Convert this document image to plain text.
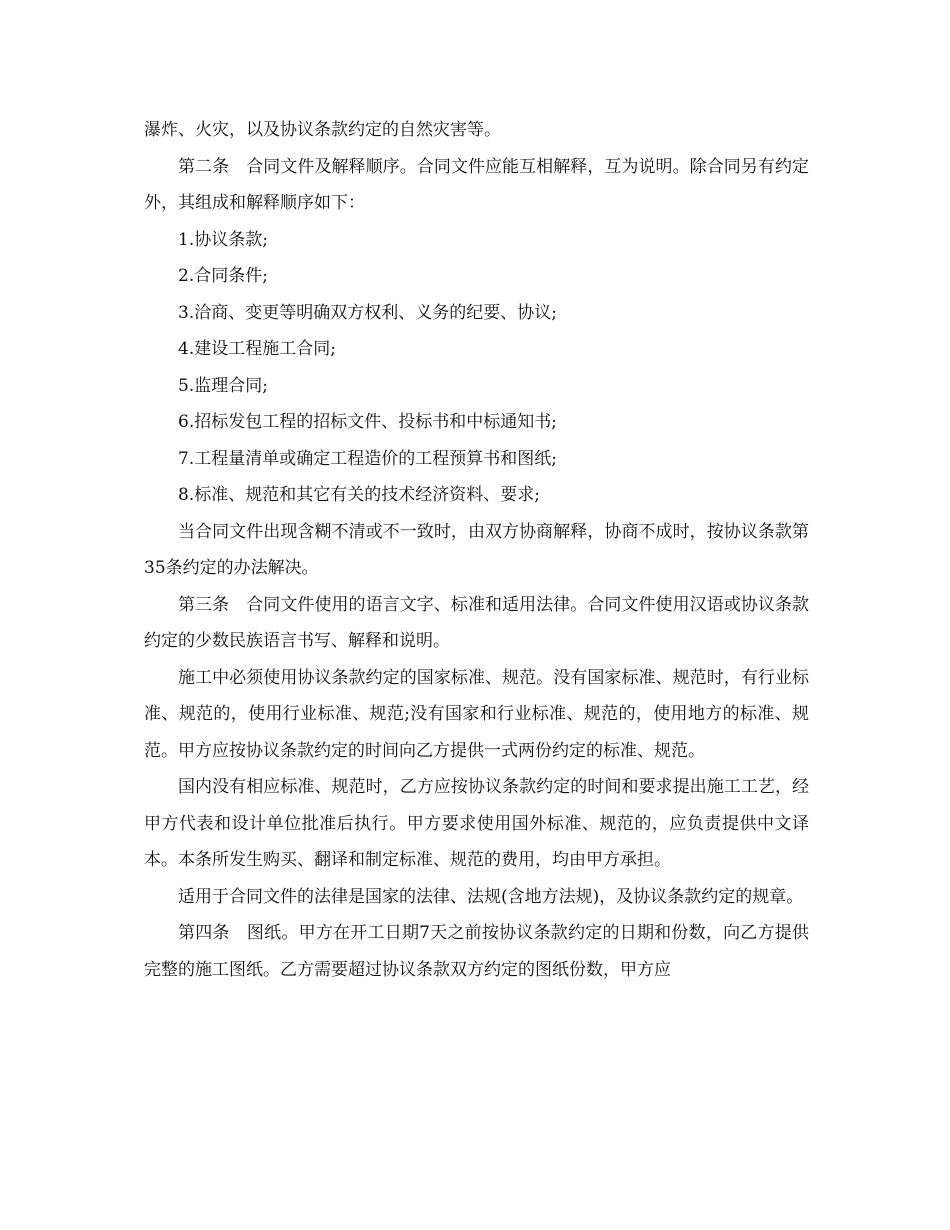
瀑炸、火灾，以及协议条款约定的自然灾害等。

第二条　合同文件及解释顺序。合同文件应能互相解释，互为说明。除合同另有约定外，其组成和解释顺序如下：

1.协议条款;

2.合同条件;

3.洽商、变更等明确双方权利、义务的纪要、协议;

4.建设工程施工合同;

5.监理合同;

6.招标发包工程的招标文件、投标书和中标通知书;

7.工程量清单或确定工程造价的工程预算书和图纸;

8.标准、规范和其它有关的技术经济资料、要求;

当合同文件出现含糊不清或不一致时，由双方协商解释，协商不成时，按协议条款第35条约定的办法解决。

第三条　合同文件使用的语言文字、标准和适用法律。合同文件使用汉语或协议条款约定的少数民族语言书写、解释和说明。

施工中必须使用协议条款约定的国家标准、规范。没有国家标准、规范时，有行业标准、规范的，使用行业标准、规范;没有国家和行业标准、规范的，使用地方的标准、规范。甲方应按协议条款约定的时间向乙方提供一式两份约定的标准、规范。

国内没有相应标准、规范时，乙方应按协议条款约定的时间和要求提出施工工艺，经甲方代表和设计单位批准后执行。甲方要求使用国外标准、规范的，应负责提供中文译本。本条所发生购买、翻译和制定标准、规范的费用，均由甲方承担。

适用于合同文件的法律是国家的法律、法规(含地方法规)，及协议条款约定的规章。

第四条　图纸。甲方在开工日期7天之前按协议条款约定的日期和份数，向乙方提供完整的施工图纸。乙方需要超过协议条款双方约定的图纸份数，甲方应
